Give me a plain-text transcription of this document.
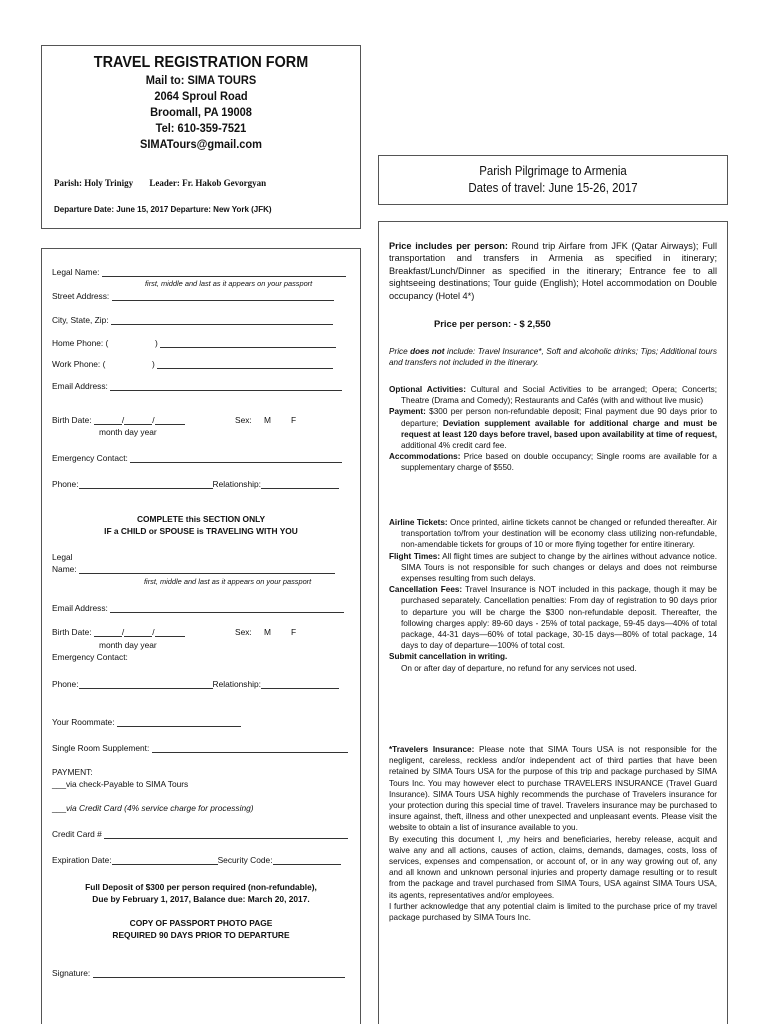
TRAVEL REGISTRATION FORM
Mail to: SIMA TOURS
2064 Sproul Road
Broomall, PA 19008
Tel: 610-359-7521
SIMATours@gmail.com
Parish: Holy Trinigy Leader: Fr. Hakob Gevorgyan
Departure Date: June 15, 2017 Departure: New York (JFK)
Parish Pilgrimage to Armenia
Dates of travel: June 15-26, 2017
Legal Name:
first, middle and last as it appears on your passport
Street Address:
City, State, Zip:
Home Phone: (	)
Work Phone: (	)
Email Address:
Birth Date:	/	/	Sex: M F
month day year
Emergency Contact:
Phone:	Relationship:
COMPLETE this SECTION ONLY
IF a CHILD or SPOUSE is TRAVELING WITH YOU
Legal
Name:
first, middle and last as it appears on your passport
Email Address:
Birth Date:	/	/	Sex: M F
month day year
Emergency Contact:
Phone:	Relationship:
Your Roommate:
Single Room Supplement:
PAYMENT:
___via check-Payable to SIMA Tours
___via Credit Card (4% service charge for processing)
Credit Card #
Expiration Date:	Security Code:
Full Deposit of $300 per person required (non-refundable),
Due by February 1, 2017, Balance due: March 20, 2017.
COPY OF PASSPORT PHOTO PAGE
REQUIRED 90 DAYS PRIOR TO DEPARTURE
Signature:
Price includes per person: Round trip Airfare from JFK (Qatar Airways); Full transportation and transfers in Armenia as specified in itinerary; Breakfast/Lunch/Dinner as specified in the itinerary; Entrance fee to all sightseeing destinations; Tour guide (English); Hotel accommodation on Double occupancy (Hotel 4*)
Price per person: - $ 2,550
Price does not include: Travel Insurance*, Soft and alcoholic drinks; Tips; Additional tours and transfers not included in the itinerary.
Optional Activities: Cultural and Social Activities to be arranged; Opera; Concerts; Theatre (Drama and Comedy); Restaurants and Cafés (with and without live music)
Payment: $300 per person non-refundable deposit; Final payment due 90 days prior to departure; Deviation supplement available for additional charge and must be request at least 120 days before travel, based upon availability at time of request, additional 4% credit card fee.
Accommodations: Price based on double occupancy; Single rooms are available for a supplementary charge of $550.
Airline Tickets: Once printed, airline tickets cannot be changed or refunded thereafter. Air transportation to/from your destination will be economy class utilizing non-refundable, non-amendable tickets for groups of 10 or more flying together for entire itinerary.
Flight Times: All flight times are subject to change by the airlines without advance notice. SIMA Tours is not responsible for such changes or delays and does not reimburse expenses resulting from such delays.
Cancellation Fees: Travel Insurance is NOT included in this package, though it may be purchased separately. Cancellation penalties: From day of registration to 90 days prior to departure you will be charge the $300 non-refundable deposit. Thereafter, the following charges apply: 89-60 days - 25% of total package, 59-45 days—40% of total package, 44-31 days—60% of total package, 30-15 days—80% of total package, 14 days to day of departure—100% of total cost.
Submit cancellation in writing.
On or after day of departure, no refund for any services not used.
*Travelers Insurance: Please note that SIMA Tours USA is not responsible for the negligent, careless, reckless and/or independent act of third parties that have been retained by SIMA Tours USA for the purpose of this trip and package purchased by SIMA Tours Inc. You may however elect to purchase TRAVELERS INSURANCE (Travel Guard Insurance). SIMA Tours USA highly recommends the purchase of Travelers insurance for your protection during this special time of travel. Travelers insurance may be purchased to insure against, theft, illness and other unexpected and unpleasant events. Please visit the website to obtain a list of insurance available to you.
By executing this document I, ,my heirs and beneficiaries, hereby release, acquit and waive any and all actions, causes of action, claims, demands, damages, costs, loss of services, expenses and compensation, or account of, or in any way growing out of, any and all known and unknown personal injuries and property damage resulting or to result from the package and travel purchased from SIMA Tours, USA against SIMA Tours USA, its agents, representatives and/or employees.
I further acknowledge that any potential claim is limited to the purchase price of my travel package purchased by SIMA Tours Inc.
